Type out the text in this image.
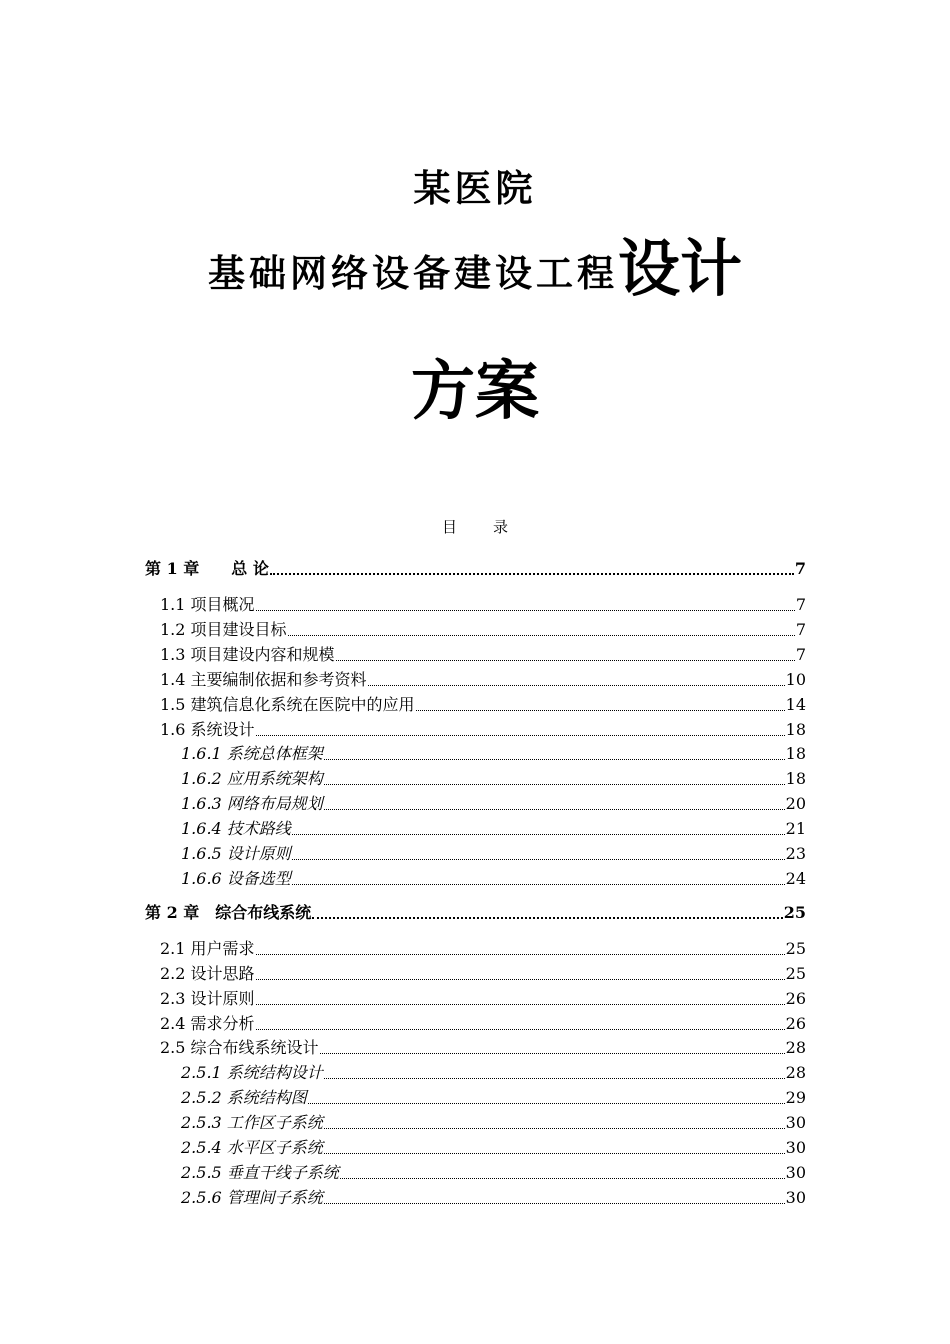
某医院
基础网络设备建设工程设计
方案
目录
第 1 章　　总 论	7
1.1 项目概况	7
1.2 项目建设目标	7
1.3 项目建设内容和规模	7
1.4 主要编制依据和参考资料	10
1.5 建筑信息化系统在医院中的应用	14
1.6 系统设计	18
1.6.1 系统总体框架	18
1.6.2 应用系统架构	18
1.6.3 网络布局规划	20
1.6.4 技术路线	21
1.6.5 设计原则	23
1.6.6 设备选型	24
第 2 章　综合布线系统	25
2.1 用户需求	25
2.2 设计思路	25
2.3 设计原则	26
2.4 需求分析	26
2.5 综合布线系统设计	28
2.5.1 系统结构设计	28
2.5.2 系统结构图	29
2.5.3 工作区子系统	30
2.5.4 水平区子系统	30
2.5.5 垂直干线子系统	30
2.5.6 管理间子系统	30
